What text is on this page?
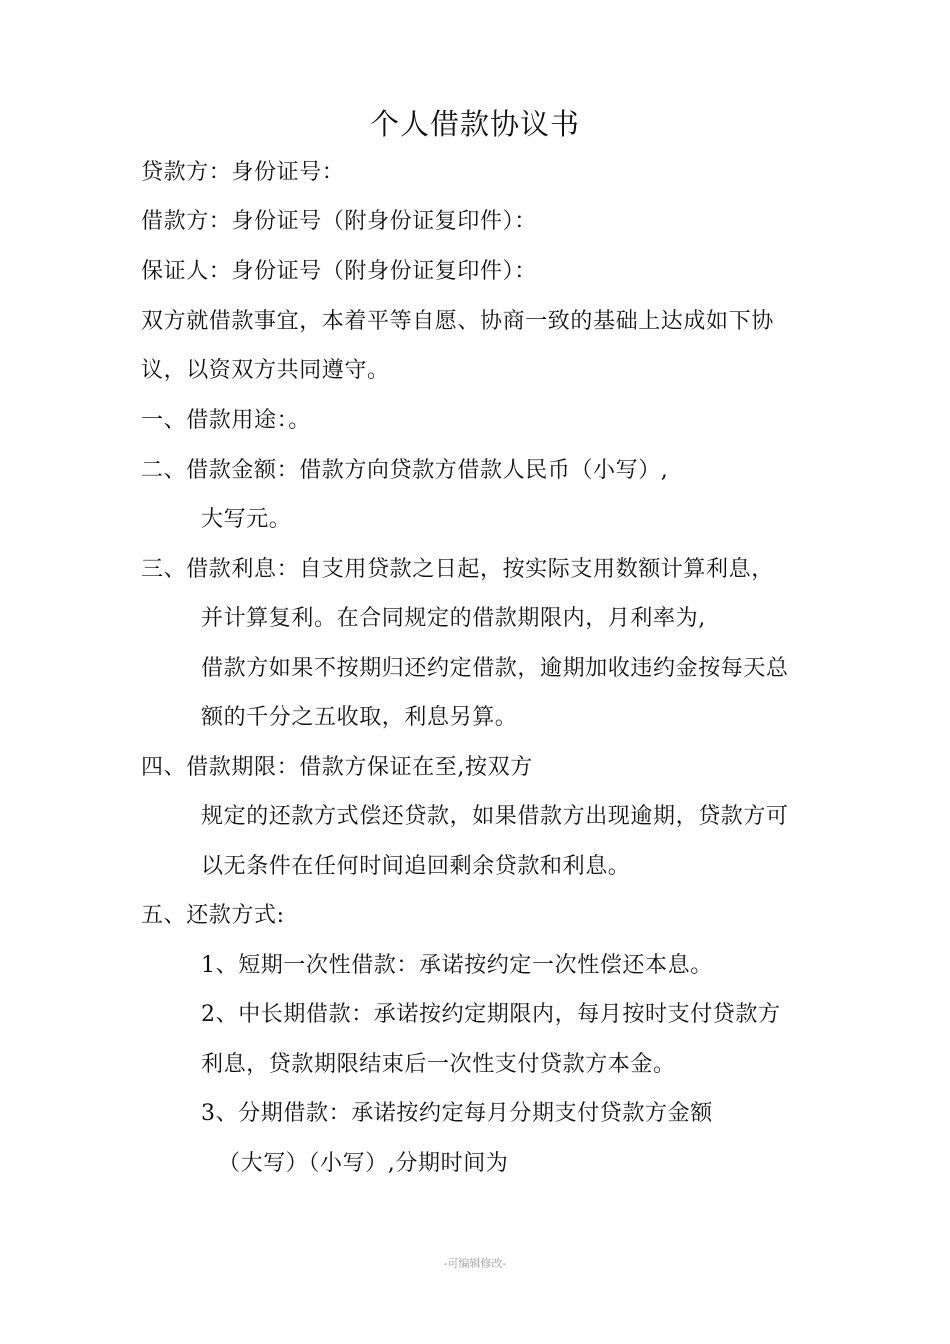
个人借款协议书
贷款方：身份证号：
借款方：身份证号（附身份证复印件）：
保证人：身份证号（附身份证复印件）：
双方就借款事宜，本着平等自愿、协商一致的基础上达成如下协
议，以资双方共同遵守。
一、借款用途：。
二、借款金额：借款方向贷款方借款人民币（小写）,
大写元。
三、借款利息：自支用贷款之日起，按实际支用数额计算利息，
并计算复利。在合同规定的借款期限内，月利率为,
借款方如果不按期归还约定借款，逾期加收违约金按每天总
额的千分之五收取，利息另算。
四、借款期限：借款方保证在至,按双方
规定的还款方式偿还贷款，如果借款方出现逾期，贷款方可
以无条件在任何时间追回剩余贷款和利息。
五、还款方式:
1、短期一次性借款：承诺按约定一次性偿还本息。
2、中长期借款：承诺按约定期限内，每月按时支付贷款方
利息，贷款期限结束后一次性支付贷款方本金。
3、分期借款：承诺按约定每月分期支付贷款方金额
（大写）（小写）,分期时间为
-可编辑修改-
